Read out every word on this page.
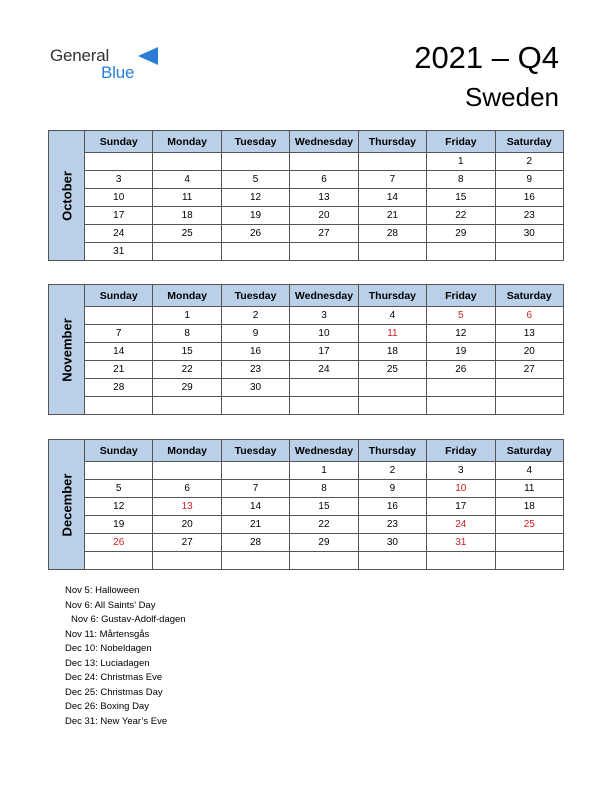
General
Blue	2021 – Q4
Sweden
October	Sunday	Monday	Tuesday	Wednesday	Thursday	Friday	Saturday
						1	2
	3	4	5	6	7	8	9
	10	11	12	13	14	15	16
	17	18	19	20	21	22	23
	24	25	26	27	28	29	30
	31						
November	Sunday	Monday	Tuesday	Wednesday	Thursday	Friday	Saturday
		1	2	3	4	5	6
	7	8	9	10	11	12	13
	14	15	16	17	18	19	20
	21	22	23	24	25	26	27
	28	29	30				

December	Sunday	Monday	Tuesday	Wednesday	Thursday	Friday	Saturday
				1	2	3	4
	5	6	7	8	9	10	11
	12	13	14	15	16	17	18
	19	20	21	22	23	24	25
	26	27	28	29	30	31	

Nov 5: Halloween
Nov 6: All Saints’ Day
Nov 6: Gustav-Adolf-dagen
Nov 11: Mårtensgås
Dec 10: Nobeldagen
Dec 13: Luciadagen
Dec 24: Christmas Eve
Dec 25: Christmas Day
Dec 26: Boxing Day
Dec 31: New Year’s Eve
